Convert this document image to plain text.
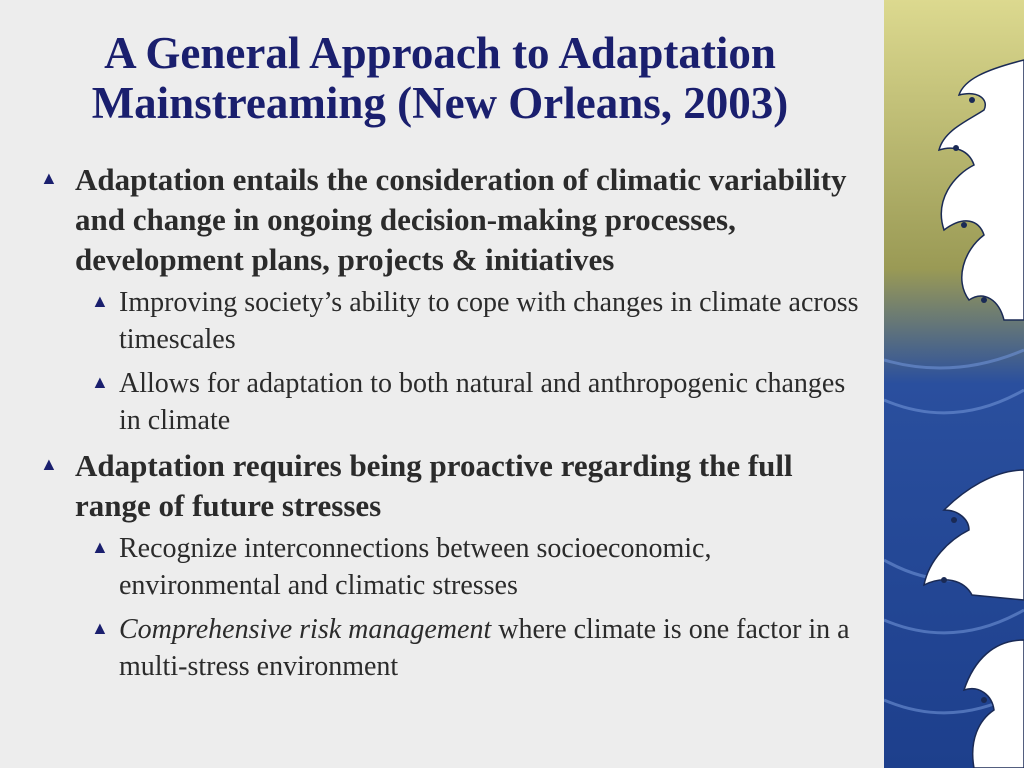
A General Approach to Adaptation
Mainstreaming (New Orleans, 2003)
▲ Adaptation entails the consideration of climatic variability and change in ongoing decision-making processes, development plans, projects & initiatives
▲ Improving society’s ability to cope with changes in climate across timescales
▲ Allows for adaptation to both natural and anthropogenic changes in climate
▲ Adaptation requires being proactive regarding the full range of future stresses
▲ Recognize interconnections between socioeconomic, environmental and climatic stresses
▲ Comprehensive risk management where climate is one factor in a multi-stress environment
